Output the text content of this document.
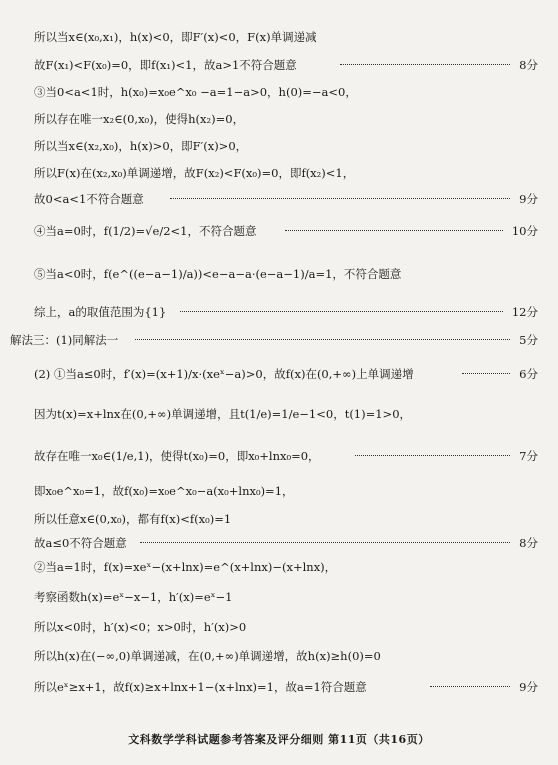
所以当x∈(x₀,x₁)，h(x)<0，即F′(x)<0，F(x)单调递减
故F(x₁)<F(x₀)=0，即f(x₁)<1，故a>1不符合题意	8分
③当0<a<1时，h(x₀)=x₀e^x₀ −a=1−a>0，h(0)=−a<0，
所以存在唯一x₂∈(0,x₀)，使得h(x₂)=0，
所以当x∈(x₂,x₀)，h(x)>0，即F′(x)>0，
所以F(x)在(x₂,x₀)单调递增，故F(x₂)<F(x₀)=0，即f(x₂)<1，
故0<a<1不符合题意	9分
④当a=0时，f(1/2)=√e/2<1，不符合题意	10分
⑤当a<0时，f(e^((e−a−1)/a))<e−a−a·(e−a−1)/a=1，不符合题意
综上，a的取值范围为{1}	12分
解法三：(1)同解法一	5分
(2) ①当a≤0时，f′(x)=(x+1)/x·(xeˣ−a)>0，故f(x)在(0,+∞)上单调递增	6分
因为t(x)=x+lnx在(0,+∞)单调递增，且t(1/e)=1/e−1<0，t(1)=1>0，
故存在唯一x₀∈(1/e,1)，使得t(x₀)=0，即x₀+lnx₀=0，	7分
即x₀e^x₀=1，故f(x₀)=x₀e^x₀−a(x₀+lnx₀)=1，
所以任意x∈(0,x₀)，都有f(x)<f(x₀)=1
故a≤0不符合题意	8分
②当a=1时，f(x)=xeˣ−(x+lnx)=e^(x+lnx)−(x+lnx)，
考察函数h(x)=eˣ−x−1，h′(x)=eˣ−1
所以x<0时，h′(x)<0；x>0时，h′(x)>0
所以h(x)在(−∞,0)单调递减，在(0,+∞)单调递增，故h(x)≥h(0)=0
所以eˣ≥x+1，故f(x)≥x+lnx+1−(x+lnx)=1，故a=1符合题意	9分
文科数学学科试题参考答案及评分细则 第11页（共16页）
